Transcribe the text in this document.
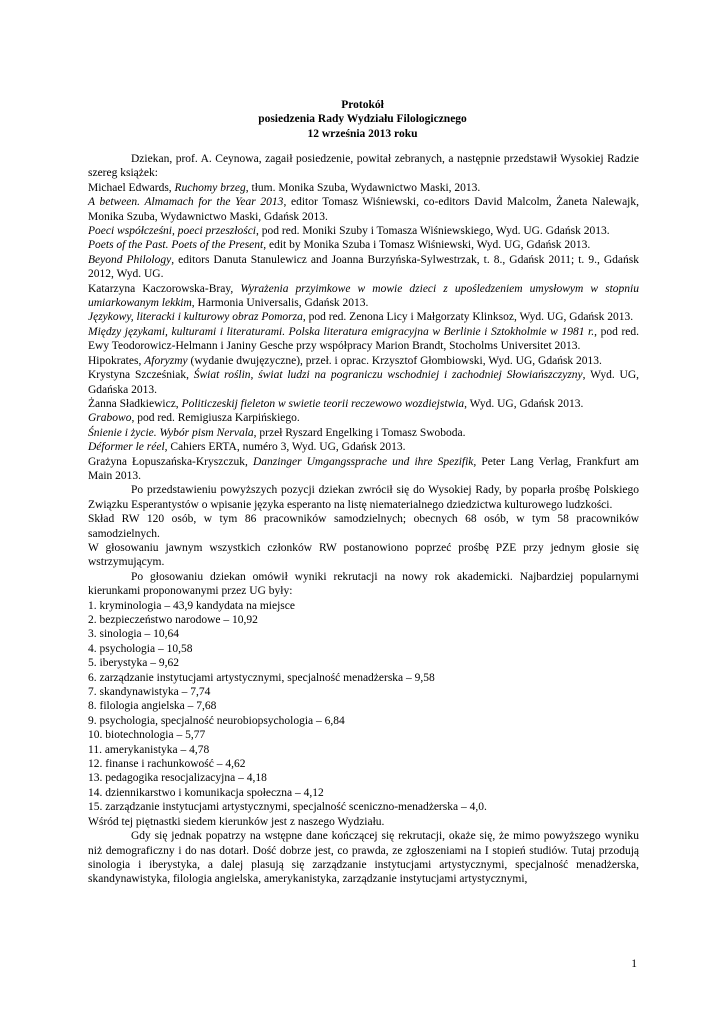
Protokół
posiedzenia Rady Wydziału Filologicznego
12 września 2013 roku

Dziekan, prof. A. Ceynowa, zagaił posiedzenie, powitał zebranych, a następnie przedstawił Wysokiej Radzie szereg książek:

Michael Edwards, Ruchomy brzeg, tłum. Monika Szuba, Wydawnictwo Maski, 2013.

A between. Almamach for the Year 2013, editor Tomasz Wiśniewski, co-editors David Malcolm, Żaneta Nalewajk, Monika Szuba, Wydawnictwo Maski, Gdańsk 2013.

Poeci współcześni, poeci przeszłości, pod red. Moniki Szuby i Tomasza Wiśniewskiego, Wyd. UG. Gdańsk 2013.

Poets of the Past. Poets of the Present, edit by Monika Szuba i Tomasz Wiśniewski, Wyd. UG, Gdańsk 2013.

Beyond Philology, editors Danuta Stanulewicz and Joanna Burzyńska-Sylwestrzak, t. 8., Gdańsk 2011; t. 9., Gdańsk 2012, Wyd. UG.

Katarzyna Kaczorowska-Bray, Wyrażenia przyimkowe w mowie dzieci z upośledzeniem umysłowym w stopniu umiarkowanym lekkim, Harmonia Universalis, Gdańsk 2013.

Językowy, literacki i kulturowy obraz Pomorza, pod red. Zenona Licy i Małgorzaty Klinksoz, Wyd. UG, Gdańsk 2013.

Między językami, kulturami i literaturami. Polska literatura emigracyjna w Berlinie i Sztokholmie w 1981 r., pod red. Ewy Teodorowicz-Helmann i Janiny Gesche przy współpracy Marion Brandt, Stocholms Universitet 2013.

Hipokrates, Aforyzmy (wydanie dwujęzyczne), przeł. i oprac. Krzysztof Głombiowski, Wyd. UG, Gdańsk 2013.

Krystyna Szcześniak, Świat roślin, świat ludzi na pograniczu wschodniej i zachodniej Słowiańszczyzny, Wyd. UG, Gdańska 2013.

Żanna Sładkiewicz, Politiczeskij fieleton w swietie teorii reczewowo wozdiejstwia, Wyd. UG, Gdańsk 2013.

Grabowo, pod red. Remigiusza Karpińskiego.

Śnienie i życie. Wybór pism Nervala, przeł Ryszard Engelking i Tomasz Swoboda.

Déformer le réel, Cahiers ERTA, numéro 3, Wyd. UG, Gdańsk 2013.

Grażyna Łopuszańska-Kryszczuk, Danzinger Umgangssprache und ihre Spezifik, Peter Lang Verlag, Frankfurt am Main 2013.

Po przedstawieniu powyższych pozycji dziekan zwrócił się do Wysokiej Rady, by poparła prośbę Polskiego Związku Esperantystów o wpisanie języka esperanto na listę niematerialnego dziedzictwa kulturowego ludzkości.

Skład RW 120 osób, w tym 86 pracowników samodzielnych; obecnych 68 osób, w tym 58 pracowników samodzielnych.

W głosowaniu jawnym wszystkich członków RW postanowiono poprzeć prośbę PZE przy jednym głosie się wstrzymującym.

Po głosowaniu dziekan omówił wyniki rekrutacji na nowy rok akademicki. Najbardziej popularnymi kierunkami proponowanymi przez UG były:

1. kryminologia – 43,9 kandydata na miejsce
2. bezpieczeństwo narodowe – 10,92
3. sinologia – 10,64
4. psychologia – 10,58
5. iberystyka – 9,62
6. zarządzanie instytucjami artystycznymi, specjalność menadżerska – 9,58
7. skandynawistyka – 7,74
8. filologia angielska – 7,68
9. psychologia, specjalność neurobiopsychologia – 6,84
10. biotechnologia – 5,77
11. amerykanistyka – 4,78
12. finanse i rachunkowość – 4,62
13. pedagogika resocjalizacyjna – 4,18
14. dziennikarstwo i komunikacja społeczna – 4,12
15. zarządzanie instytucjami artystycznymi, specjalność sceniczno-menadżerska – 4,0.

Wśród tej piętnastki siedem kierunków jest z naszego Wydziału.

Gdy się jednak popatrzy na wstępne dane kończącej się rekrutacji, okaże się, że mimo powyższego wyniku niż demograficzny i do nas dotarł. Dość dobrze jest, co prawda, ze zgłoszeniami na I stopień studiów. Tutaj przodują sinologia i iberystyka, a dalej plasują się zarządzanie instytucjami artystycznymi, specjalność menadżerska, skandynawistyka, filologia angielska, amerykanistyka, zarządzanie instytucjami artystycznymi,

1
